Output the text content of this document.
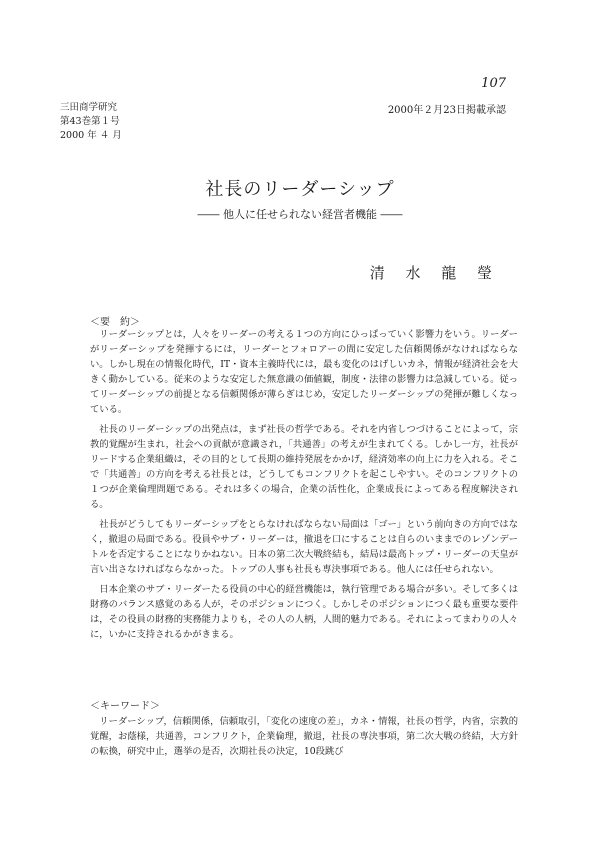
107
三田商学研究
第43巻第１号
2000 年 ４ 月
2000年２月23日掲載承認
社長のリーダーシップ
―― 他人に任せられない経営者機能 ――
清 水 龍 瑩
＜要　約＞

リーダーシップとは，人々をリーダーの考える１つの方向にひっぱっていく影響力をいう。リーダーがリーダーシップを発揮するには，リーダーとフォロアーの間に安定した信頼関係がなければならない。しかし現在の情報化時代，IT・資本主義時代には，最も変化のはげしいカネ，情報が経済社会を大きく動かしている。従来のような安定した無意識の価値観，制度・法律の影響力は急減している。従ってリーダーシップの前提となる信頼関係が薄らぎはじめ，安定したリーダーシップの発揮が難しくなっている。

社長のリーダーシップの出発点は，まず社長の哲学である。それを内省しつづけることによって，宗教的覚醒が生まれ，社会への貢献が意識され，「共通善」の考えが生まれてくる。しかし一方，社長がリードする企業組織は，その目的として長期の維持発展をかかげ，経済効率の向上に力を入れる。そこで「共通善」の方向を考える社長とは，どうしてもコンフリクトを起こしやすい。そのコンフリクトの１つが企業倫理問題である。それは多くの場合，企業の活性化，企業成長によってある程度解決される。

社長がどうしてもリーダーシップをとらなければならない局面は「ゴー」という前向きの方向ではなく，撤退の局面である。役員やサブ・リーダーは，撤退を口にすることは自らのいままでのレゾンデートルを否定することになりかねない。日本の第二次大戦終結も，結局は最高トップ・リーダーの天皇が言い出さなければならなかった。トップの人事も社長も専決事項である。他人には任せられない。

日本企業のサブ・リーダーたる役員の中心的経営機能は，執行管理である場合が多い。そして多くは財務のバランス感覚のある人が，そのポジションにつく。しかしそのポジションにつく最も重要な要件は，その役員の財務的実務能力よりも，その人の人柄，人間的魅力である。それによってまわりの人々に，いかに支持されるかがきまる。

＜キーワード＞
リーダーシップ，信頼関係，信頼取引，「変化の速度の差」，カネ・情報，社長の哲学，内省，宗教的覚醒，お蔭様，共通善，コンフリクト，企業倫理，撤退，社長の専決事項，第二次大戦の終結，大方針の転換，研究中止，選挙の是否，次期社長の決定，10段跳び
